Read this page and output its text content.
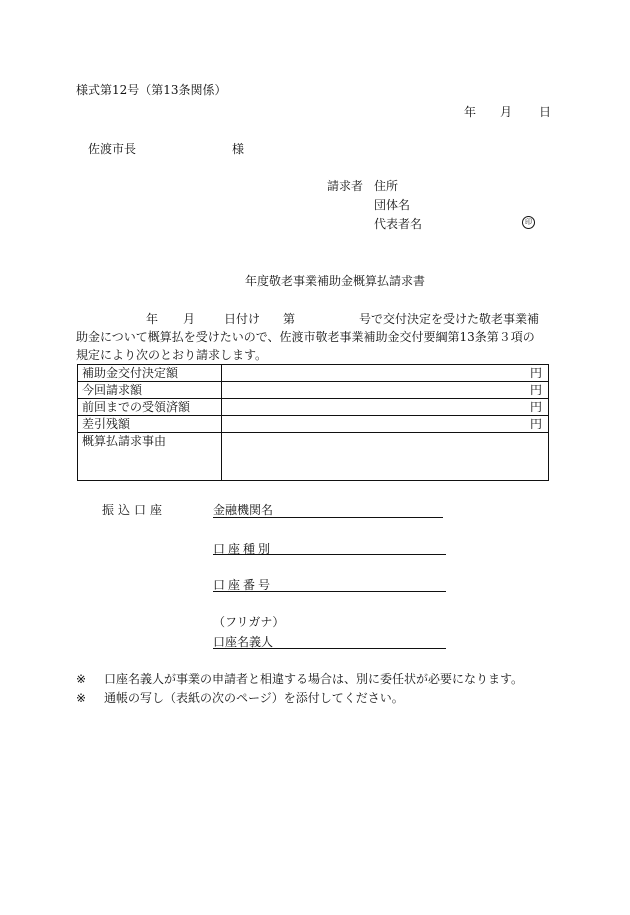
様式第12号（第13条関係）
年 月 日
佐渡市長	様
請求者 住所
団体名
代表者名	印
年度敬老事業補助金概算払請求書
年 月 日付け 第	号で交付決定を受けた敬老事業補
助金について概算払を受けたいので、佐渡市敬老事業補助金交付要綱第13条第３項の
規定により次のとおり請求します。
補助金交付決定額	円
今回請求額	円
前回までの受領済額	円
差引残額	円
概算払請求事由	
振込口座	金融機関名
口座種別
口座番号
（フリガナ）
口座名義人
※ 口座名義人が事業の申請者と相違する場合は、別に委任状が必要になります。
※ 通帳の写し（表紙の次のページ）を添付してください。
